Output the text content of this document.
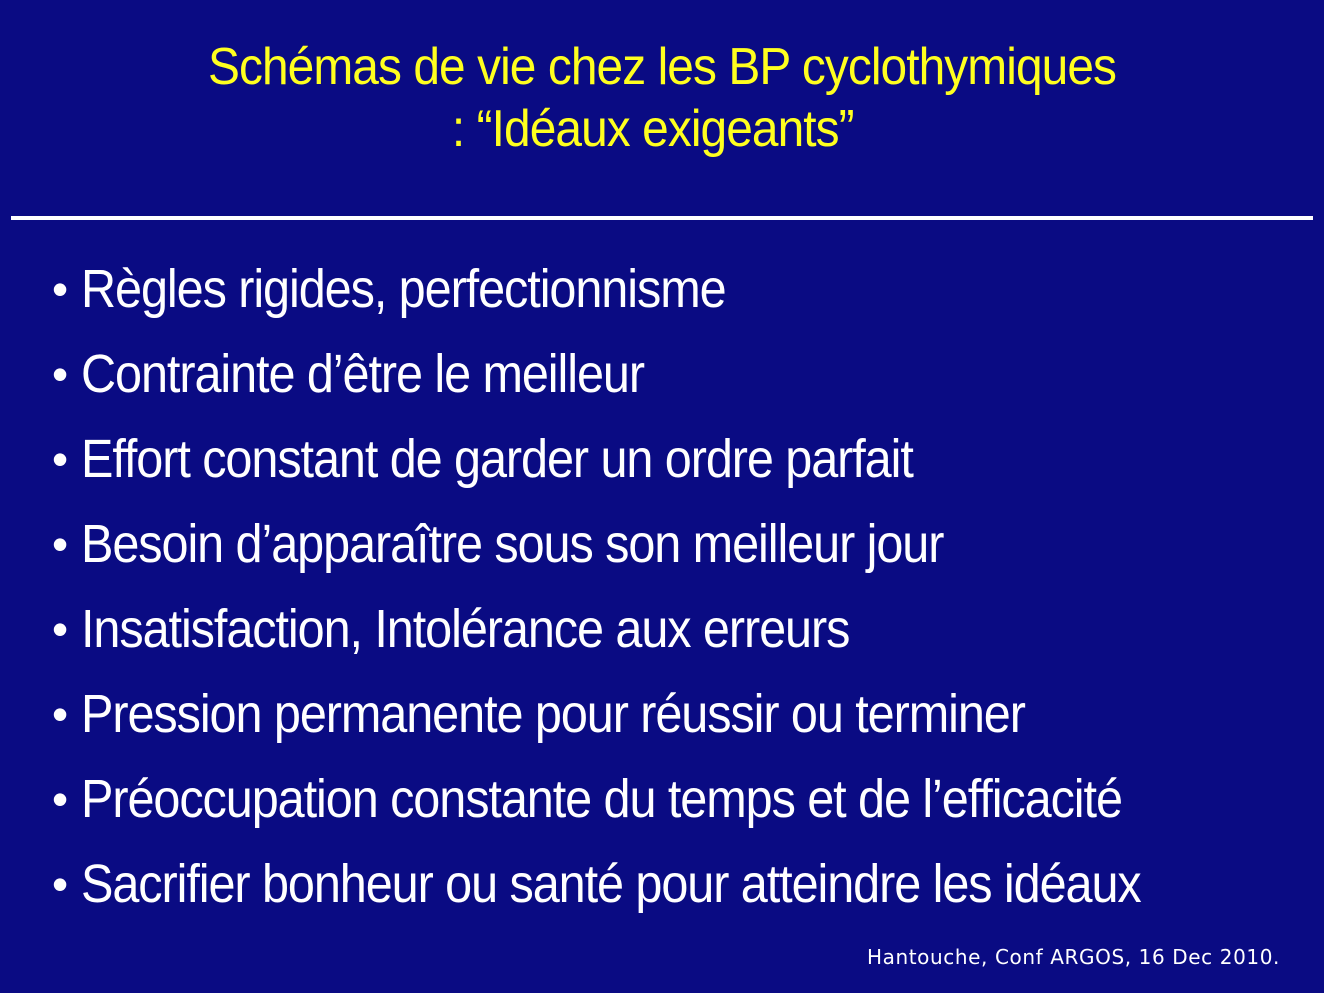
Schémas de vie chez les BP cyclothymiques
: “Idéaux exigeants”
• Règles rigides, perfectionnisme
• Contrainte d’être le meilleur
• Effort constant de garder un ordre parfait
• Besoin d’apparaître sous son meilleur jour
• Insatisfaction, Intolérance aux erreurs
• Pression permanente pour réussir ou terminer
• Préoccupation constante du temps et de l’efficacité
• Sacrifier bonheur ou santé pour atteindre les idéaux
Hantouche, Conf ARGOS, 16 Dec 2010.
